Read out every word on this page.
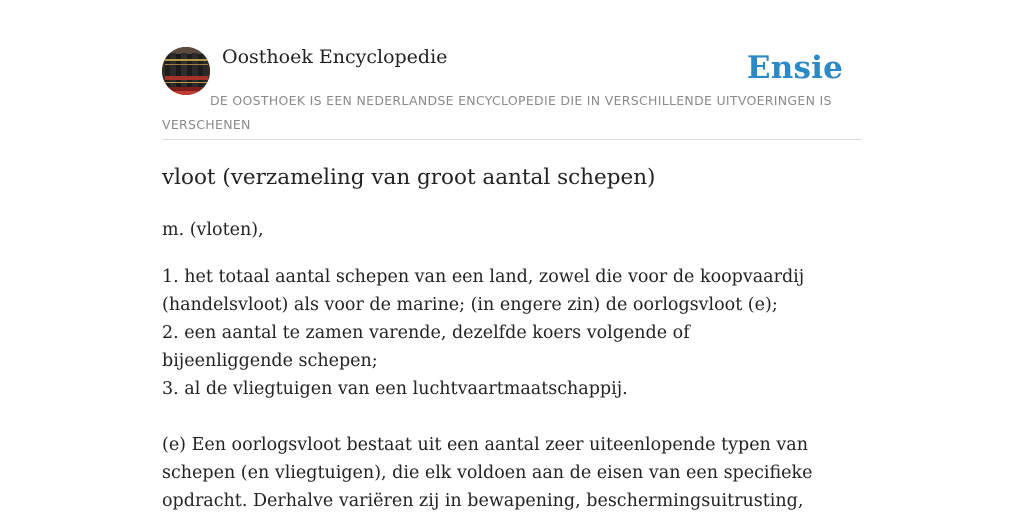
Oosthoek Encyclopedie	Ensie
DE OOSTHOEK IS EEN NEDERLANDSE ENCYCLOPEDIE DIE IN VERSCHILLENDE UITVOERINGEN IS VERSCHENEN
vloot (verzameling van groot aantal schepen)
m. (vloten),
1. het totaal aantal schepen van een land, zowel die voor de koopvaardij (handelsvloot) als voor de marine; (in engere zin) de oorlogsvloot (e);
2. een aantal te zamen varende, dezelfde koers volgende of bijeenliggende schepen;
3. al de vliegtuigen van een luchtvaartmaatschappij.
(e) Een oorlogsvloot bestaat uit een aantal zeer uiteenlopende typen van schepen (en vliegtuigen), die elk voldoen aan de eisen van een specifieke opdracht. Derhalve variëren zij in bewapening, beschermingsuitrusting,
